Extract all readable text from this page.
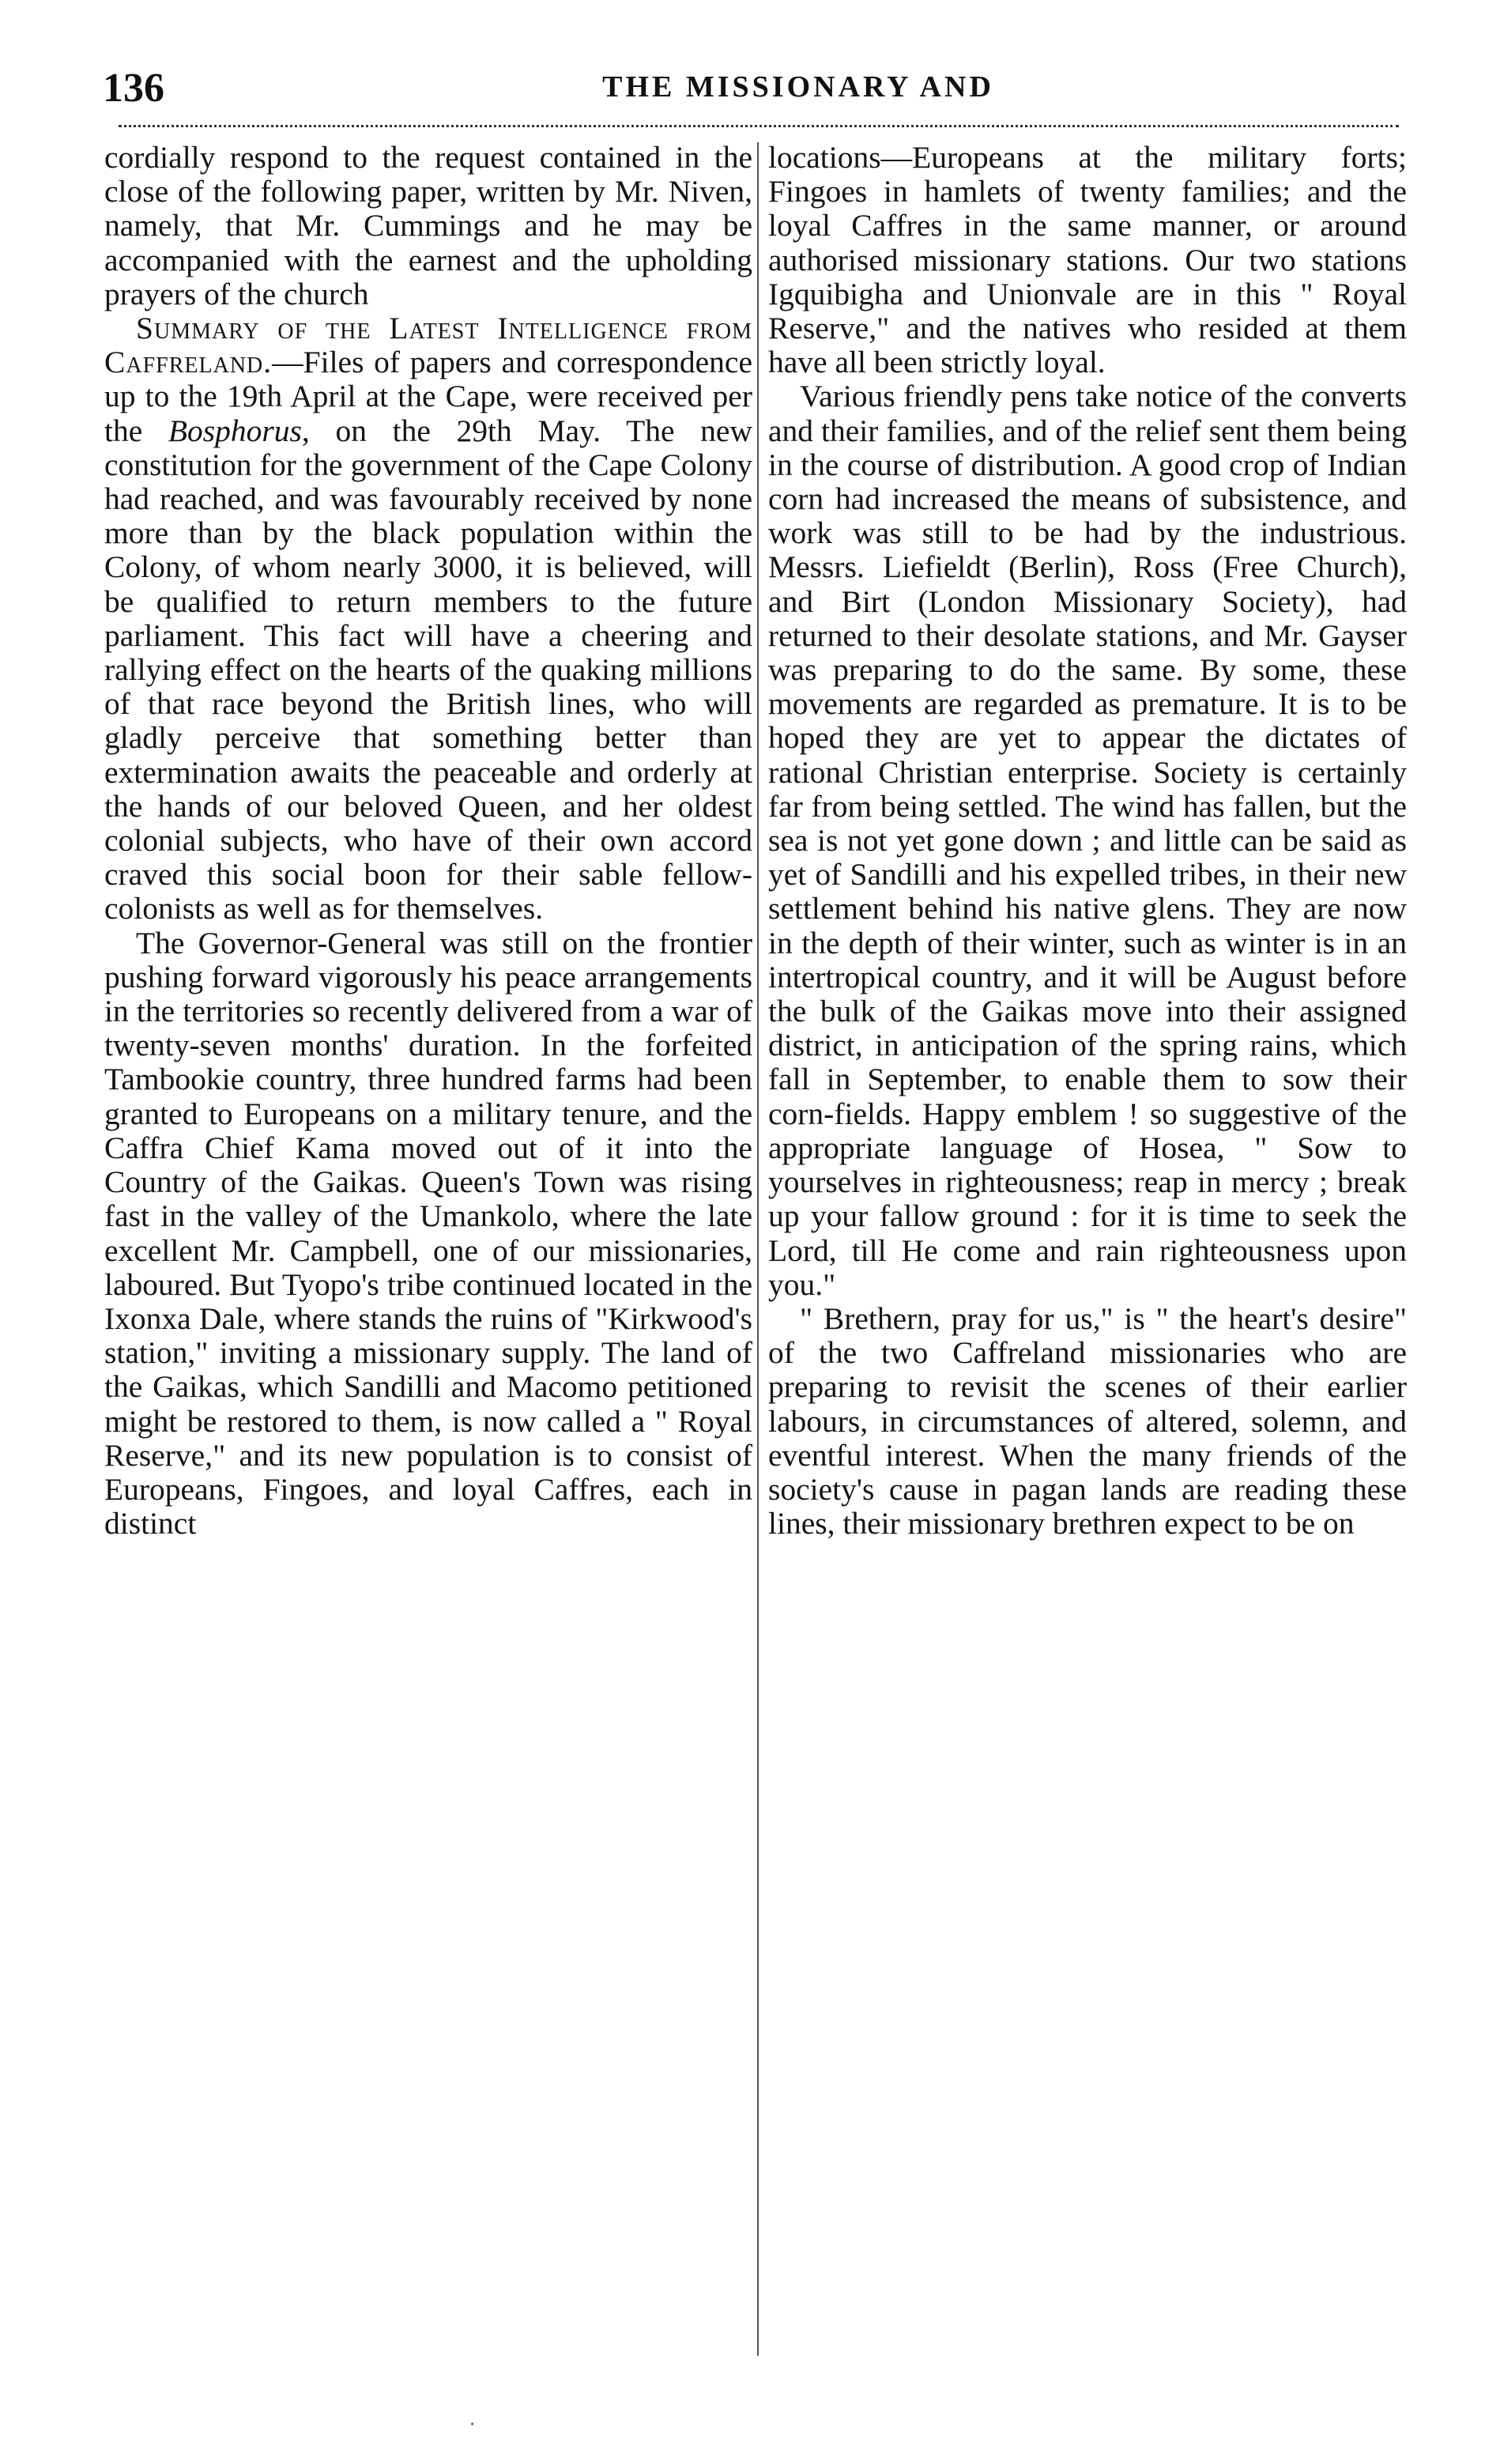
136	THE MISSIONARY AND

cordially respond to the request contained in the close of the following paper, written by Mr. Niven, namely, that Mr. Cummings and he may be accompanied with the earnest and the upholding prayers of the church

Summary of the Latest Intelligence from Caffreland.—Files of papers and correspondence up to the 19th April at the Cape, were received per the Bosphorus, on the 29th May. The new constitution for the government of the Cape Colony had reached, and was favourably received by none more than by the black population within the Colony, of whom nearly 3000, it is believed, will be qualified to return members to the future parliament. This fact will have a cheering and rallying effect on the hearts of the quaking millions of that race beyond the British lines, who will gladly perceive that something better than extermination awaits the peaceable and orderly at the hands of our beloved Queen, and her oldest colonial subjects, who have of their own accord craved this social boon for their sable fellow-colonists as well as for themselves.

The Governor-General was still on the frontier pushing forward vigorously his peace arrangements in the territories so recently delivered from a war of twenty-seven months' duration. In the forfeited Tambookie country, three hundred farms had been granted to Europeans on a military tenure, and the Caffra Chief Kama moved out of it into the Country of the Gaikas. Queen's Town was rising fast in the valley of the Umankolo, where the late excellent Mr. Campbell, one of our missionaries, laboured. But Tyopo's tribe continued located in the Ixonxa Dale, where stands the ruins of "Kirkwood's station," inviting a missionary supply. The land of the Gaikas, which Sandilli and Macomo petitioned might be restored to them, is now called a " Royal Reserve," and its new population is to consist of Europeans, Fingoes, and loyal Caffres, each in distinct

locations—Europeans at the military forts; Fingoes in hamlets of twenty families; and the loyal Caffres in the same manner, or around authorised missionary stations. Our two stations Igquibigha and Unionvale are in this " Royal Reserve," and the natives who resided at them have all been strictly loyal.

Various friendly pens take notice of the converts and their families, and of the relief sent them being in the course of distribution. A good crop of Indian corn had increased the means of subsistence, and work was still to be had by the industrious. Messrs. Liefieldt (Berlin), Ross (Free Church), and Birt (London Missionary Society), had returned to their desolate stations, and Mr. Gayser was preparing to do the same. By some, these movements are regarded as premature. It is to be hoped they are yet to appear the dictates of rational Christian enterprise. Society is certainly far from being settled. The wind has fallen, but the sea is not yet gone down ; and little can be said as yet of Sandilli and his expelled tribes, in their new settlement behind his native glens. They are now in the depth of their winter, such as winter is in an intertropical country, and it will be August before the bulk of the Gaikas move into their assigned district, in anticipation of the spring rains, which fall in September, to enable them to sow their corn-fields. Happy emblem ! so suggestive of the appropriate language of Hosea, " Sow to yourselves in righteousness; reap in mercy ; break up your fallow ground : for it is time to seek the Lord, till He come and rain righteousness upon you."

" Brethern, pray for us," is " the heart's desire" of the two Caffreland missionaries who are preparing to revisit the scenes of their earlier labours, in circumstances of altered, solemn, and eventful interest. When the many friends of the society's cause in pagan lands are reading these lines, their missionary brethren expect to be on

·
